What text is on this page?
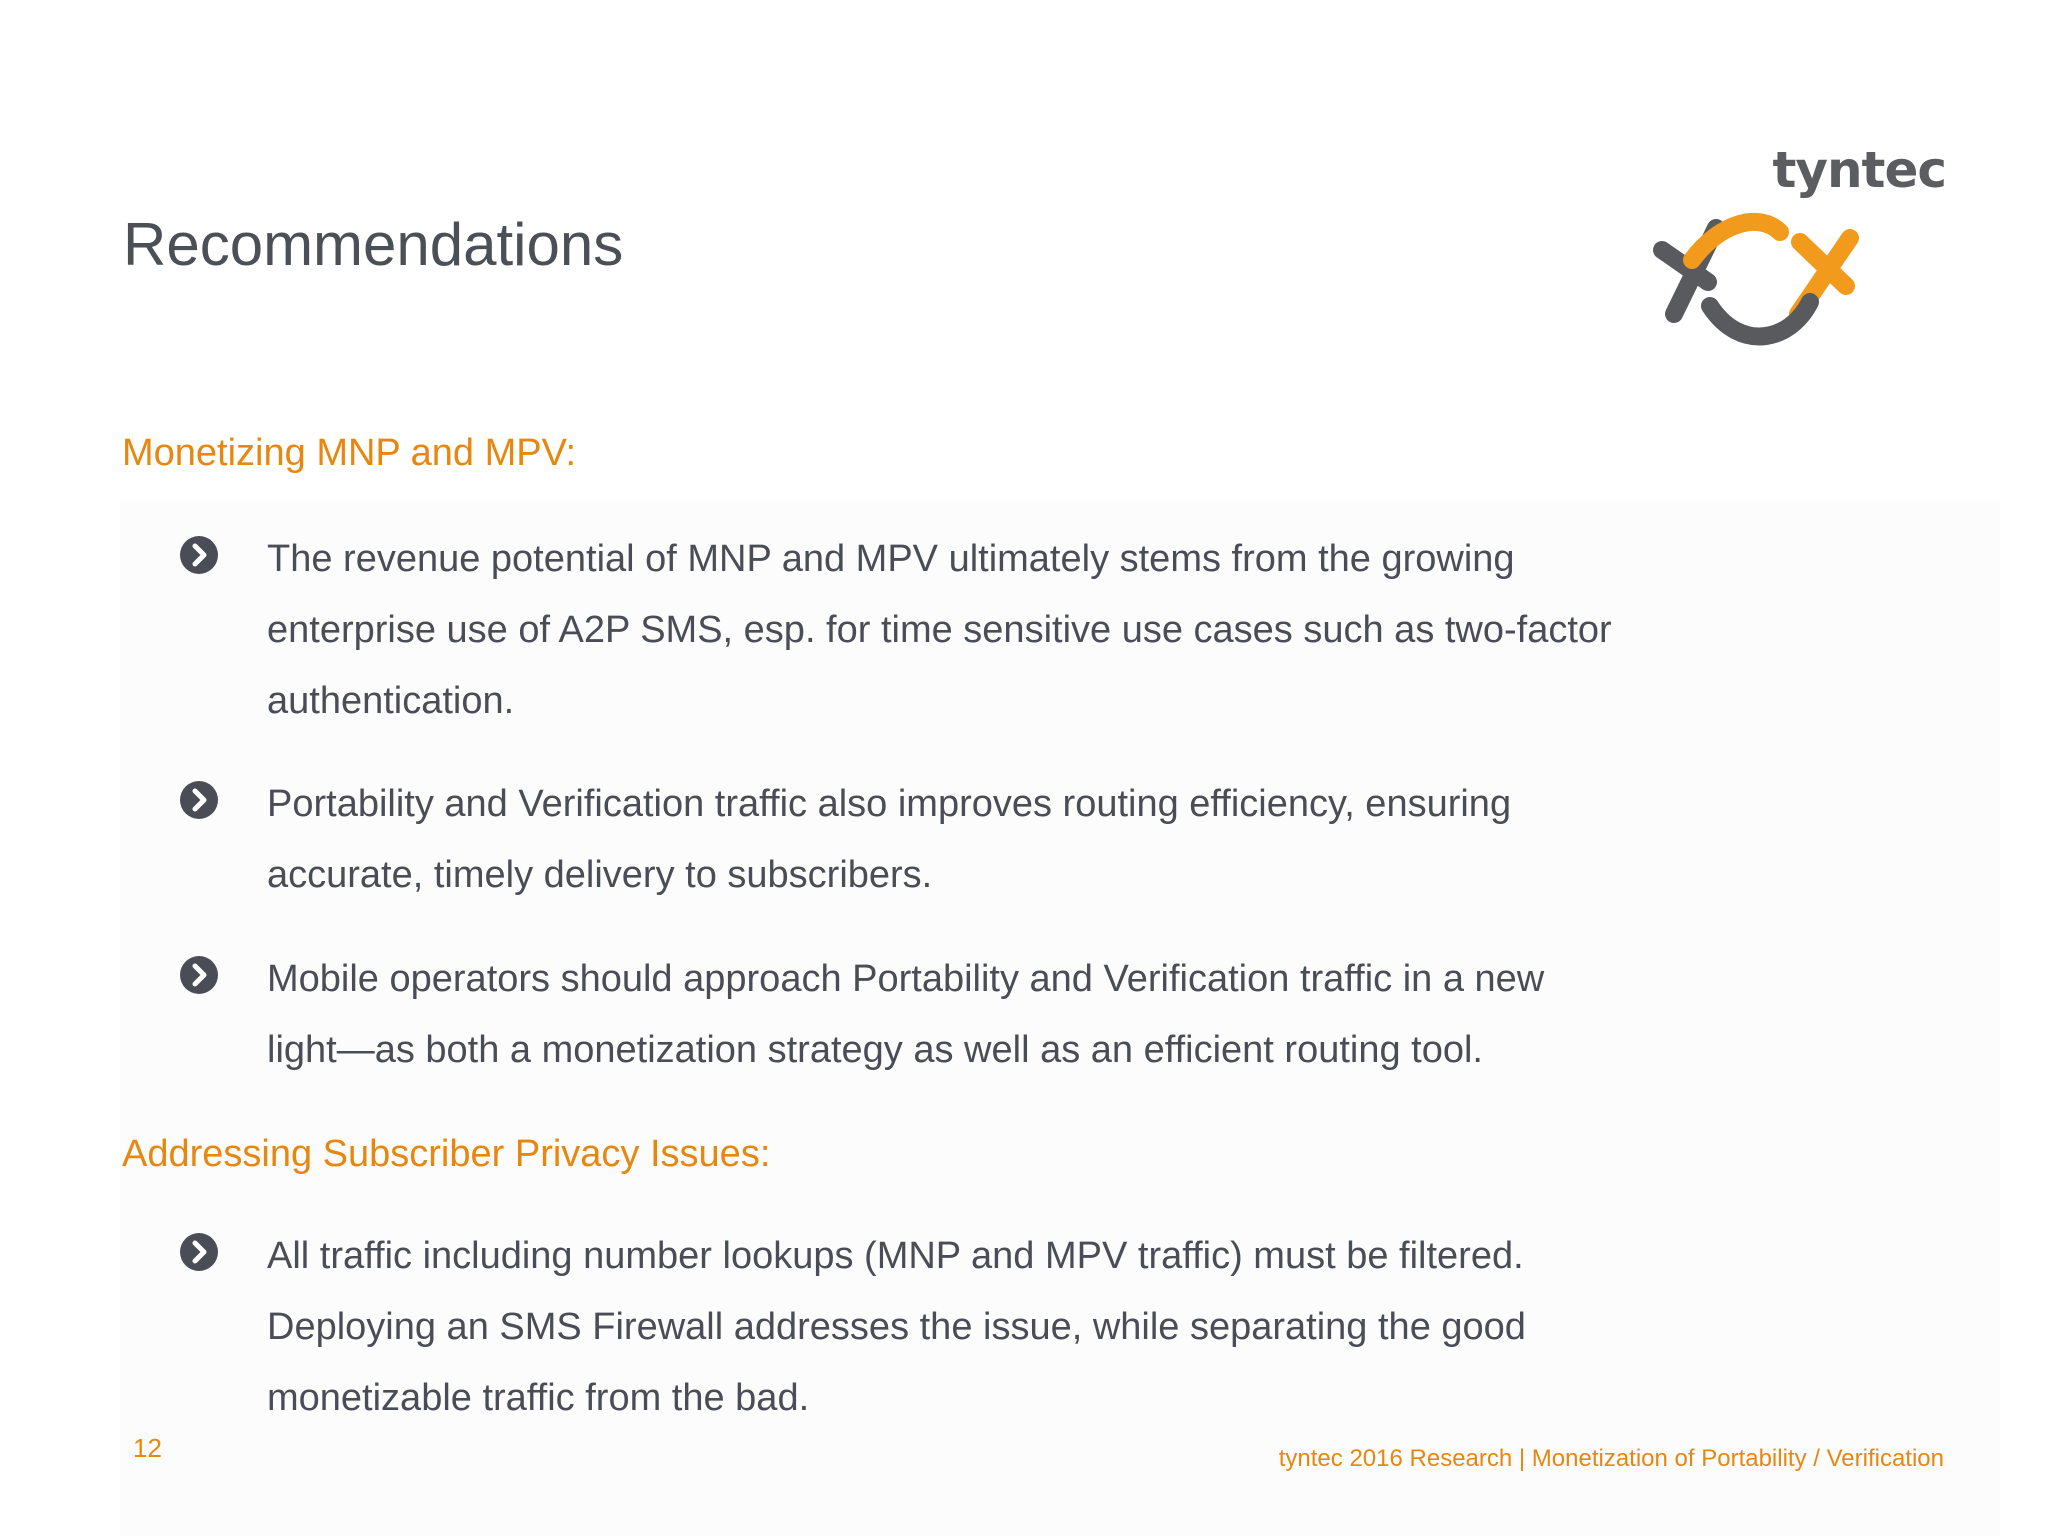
Recommendations
tyntec
Monetizing MNP and MPV:
The revenue potential of MNP and MPV ultimately stems from the growing
enterprise use of A2P SMS, esp. for time sensitive use cases such as two-factor
authentication.
Portability and Verification traffic also improves routing efficiency, ensuring
accurate, timely delivery to subscribers.
Mobile operators should approach Portability and Verification traffic in a new
light—as both a monetization strategy as well as an efficient routing tool.
Addressing Subscriber Privacy Issues:
All traffic including number lookups (MNP and MPV traffic) must be filtered.
Deploying an SMS Firewall addresses the issue, while separating the good
monetizable traffic from the bad.
12	tyntec 2016 Research | Monetization of Portability / Verification
